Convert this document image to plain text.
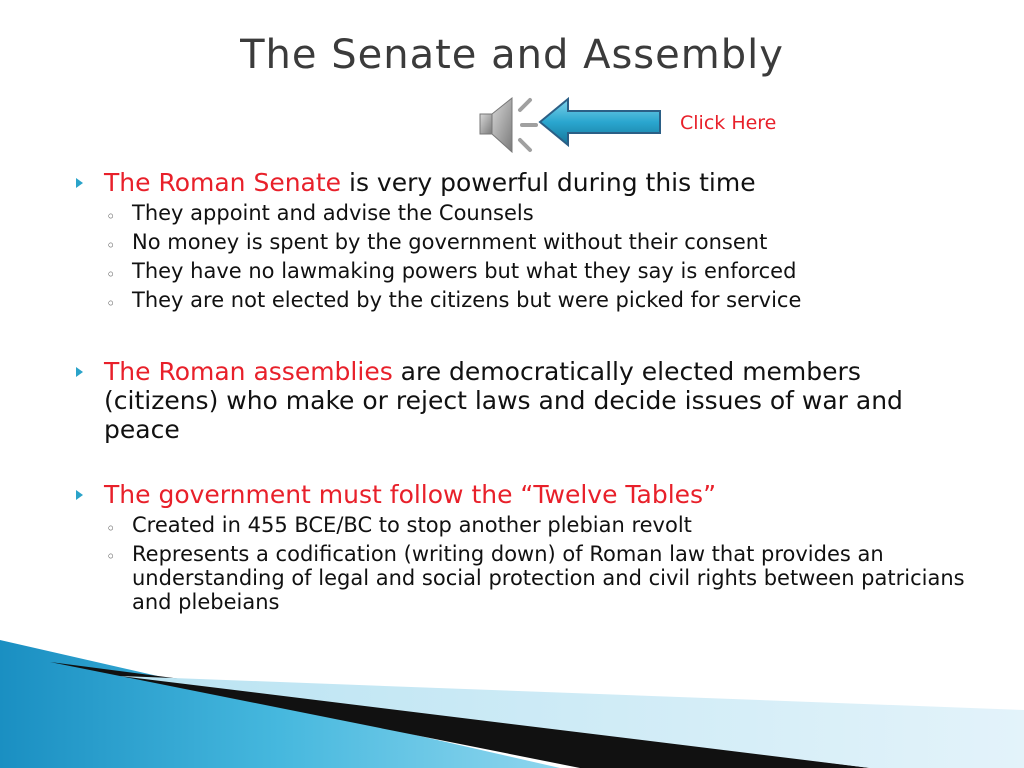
The Senate and Assembly
Click Here
The Roman Senate is very powerful during this time
◦ They appoint and advise the Counsels
◦ No money is spent by the government without their consent
◦ They have no lawmaking powers but what they say is enforced
◦ They are not elected by the citizens but were picked for service
The Roman assemblies are democratically elected members (citizens) who make or reject laws and decide issues of war and peace
The government must follow the “Twelve Tables”
◦ Created in 455 BCE/BC to stop another plebian revolt
◦ Represents a codification (writing down) of Roman law that provides an understanding of legal and social protection and civil rights between patricians and plebeians
